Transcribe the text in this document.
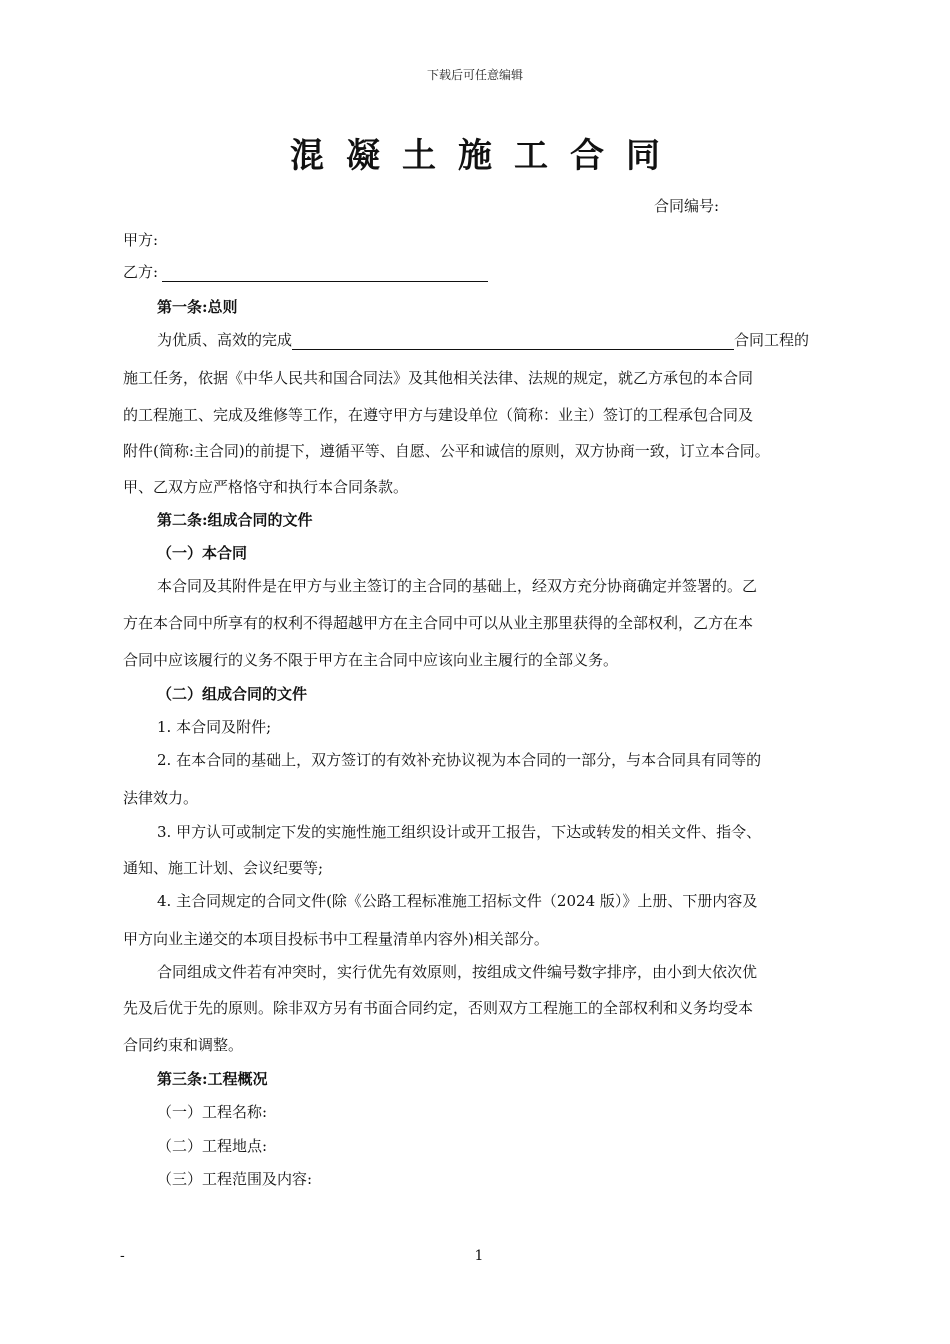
下载后可任意编辑
混凝土施工合同
合同编号:
甲方:
乙方:
第一条:总则
为优质、高效的完成	合同工程的
施工任务，依据《中华人民共和国合同法》及其他相关法律、法规的规定，就乙方承包的本合同
的工程施工、完成及维修等工作，在遵守甲方与建设单位（简称：业主）签订的工程承包合同及
附件(简称:主合同)的前提下，遵循平等、自愿、公平和诚信的原则，双方协商一致，订立本合同。
甲、乙双方应严格恪守和执行本合同条款。
第二条:组成合同的文件
（一）本合同
本合同及其附件是在甲方与业主签订的主合同的基础上，经双方充分协商确定并签署的。乙
方在本合同中所享有的权利不得超越甲方在主合同中可以从业主那里获得的全部权利，乙方在本
合同中应该履行的义务不限于甲方在主合同中应该向业主履行的全部义务。
（二）组成合同的文件
1. 本合同及附件;
2. 在本合同的基础上，双方签订的有效补充协议视为本合同的一部分，与本合同具有同等的
法律效力。
3. 甲方认可或制定下发的实施性施工组织设计或开工报告，下达或转发的相关文件、指令、
通知、施工计划、会议纪要等;
4. 主合同规定的合同文件(除《公路工程标准施工招标文件（2024 版）》上册、下册内容及
甲方向业主递交的本项目投标书中工程量清单内容外)相关部分。
合同组成文件若有冲突时，实行优先有效原则，按组成文件编号数字排序，由小到大依次优
先及后优于先的原则。除非双方另有书面合同约定，否则双方工程施工的全部权利和义务均受本
合同约束和调整。
第三条:工程概况
（一）工程名称:
（二）工程地点:
（三）工程范围及内容:
-	1
